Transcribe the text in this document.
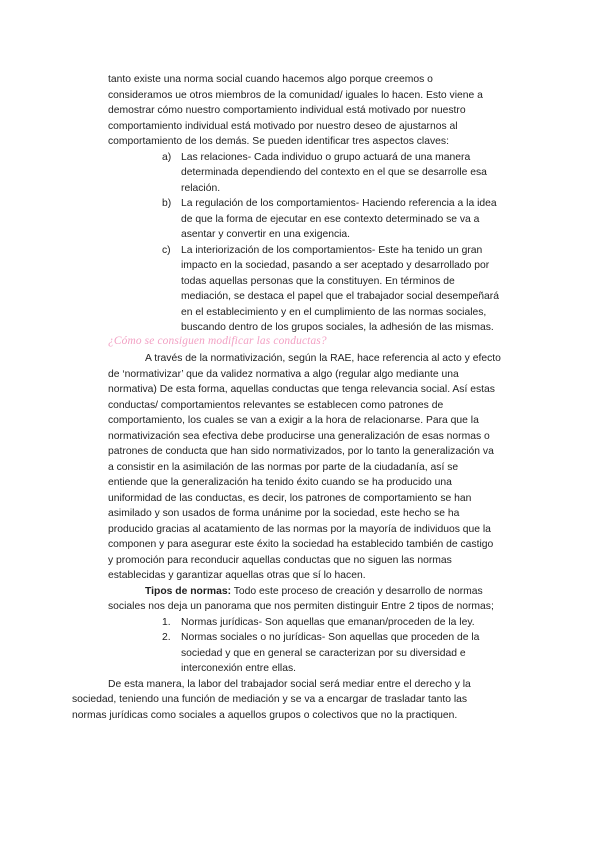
tanto existe una norma social cuando hacemos algo porque creemos o
consideramos ue otros miembros de la comunidad/ iguales lo hacen. Esto viene a
demostrar cómo nuestro comportamiento individual está motivado por nuestro
comportamiento individual está motivado por nuestro deseo de ajustarnos al
comportamiento de los demás. Se pueden identificar tres aspectos claves:
a) Las relaciones- Cada individuo o grupo actuará de una manera
determinada dependiendo del contexto en el que se desarrolle esa
relación.
b) La regulación de los comportamientos- Haciendo referencia a la idea
de que la forma de ejecutar en ese contexto determinado se va a
asentar y convertir en una exigencia.
c) La interiorización de los comportamientos- Este ha tenido un gran
impacto en la sociedad, pasando a ser aceptado y desarrollado por
todas aquellas personas que la constituyen. En términos de
mediación, se destaca el papel que el trabajador social desempeñará
en el establecimiento y en el cumplimiento de las normas sociales,
buscando dentro de los grupos sociales, la adhesión de las mismas.
¿Cómo se consiguen modificar las conductas?
A través de la normativización, según la RAE, hace referencia al acto y efecto
de ‘normativizar’ que da validez normativa a algo (regular algo mediante una
normativa) De esta forma, aquellas conductas que tenga relevancia social. Así estas
conductas/ comportamientos relevantes se establecen como patrones de
comportamiento, los cuales se van a exigir a la hora de relacionarse. Para que la
normativización sea efectiva debe producirse una generalización de esas normas o
patrones de conducta que han sido normativizados, por lo tanto la generalización va
a consistir en la asimilación de las normas por parte de la ciudadanía, así se
entiende que la generalización ha tenido éxito cuando se ha producido una
uniformidad de las conductas, es decir, los patrones de comportamiento se han
asimilado y son usados de forma unánime por la sociedad, este hecho se ha
producido gracias al acatamiento de las normas por la mayoría de individuos que la
componen y para asegurar este éxito la sociedad ha establecido también de castigo
y promoción para reconducir aquellas conductas que no siguen las normas
establecidas y garantizar aquellas otras que sí lo hacen.
Tipos de normas: Todo este proceso de creación y desarrollo de normas
sociales nos deja un panorama que nos permiten distinguir Entre 2 tipos de normas;
1. Normas jurídicas- Son aquellas que emanan/proceden de la ley.
2. Normas sociales o no jurídicas- Son aquellas que proceden de la
sociedad y que en general se caracterizan por su diversidad e
interconexión entre ellas.
De esta manera, la labor del trabajador social será mediar entre el derecho y la
sociedad, teniendo una función de mediación y se va a encargar de trasladar tanto las
normas jurídicas como sociales a aquellos grupos o colectivos que no la practiquen.
